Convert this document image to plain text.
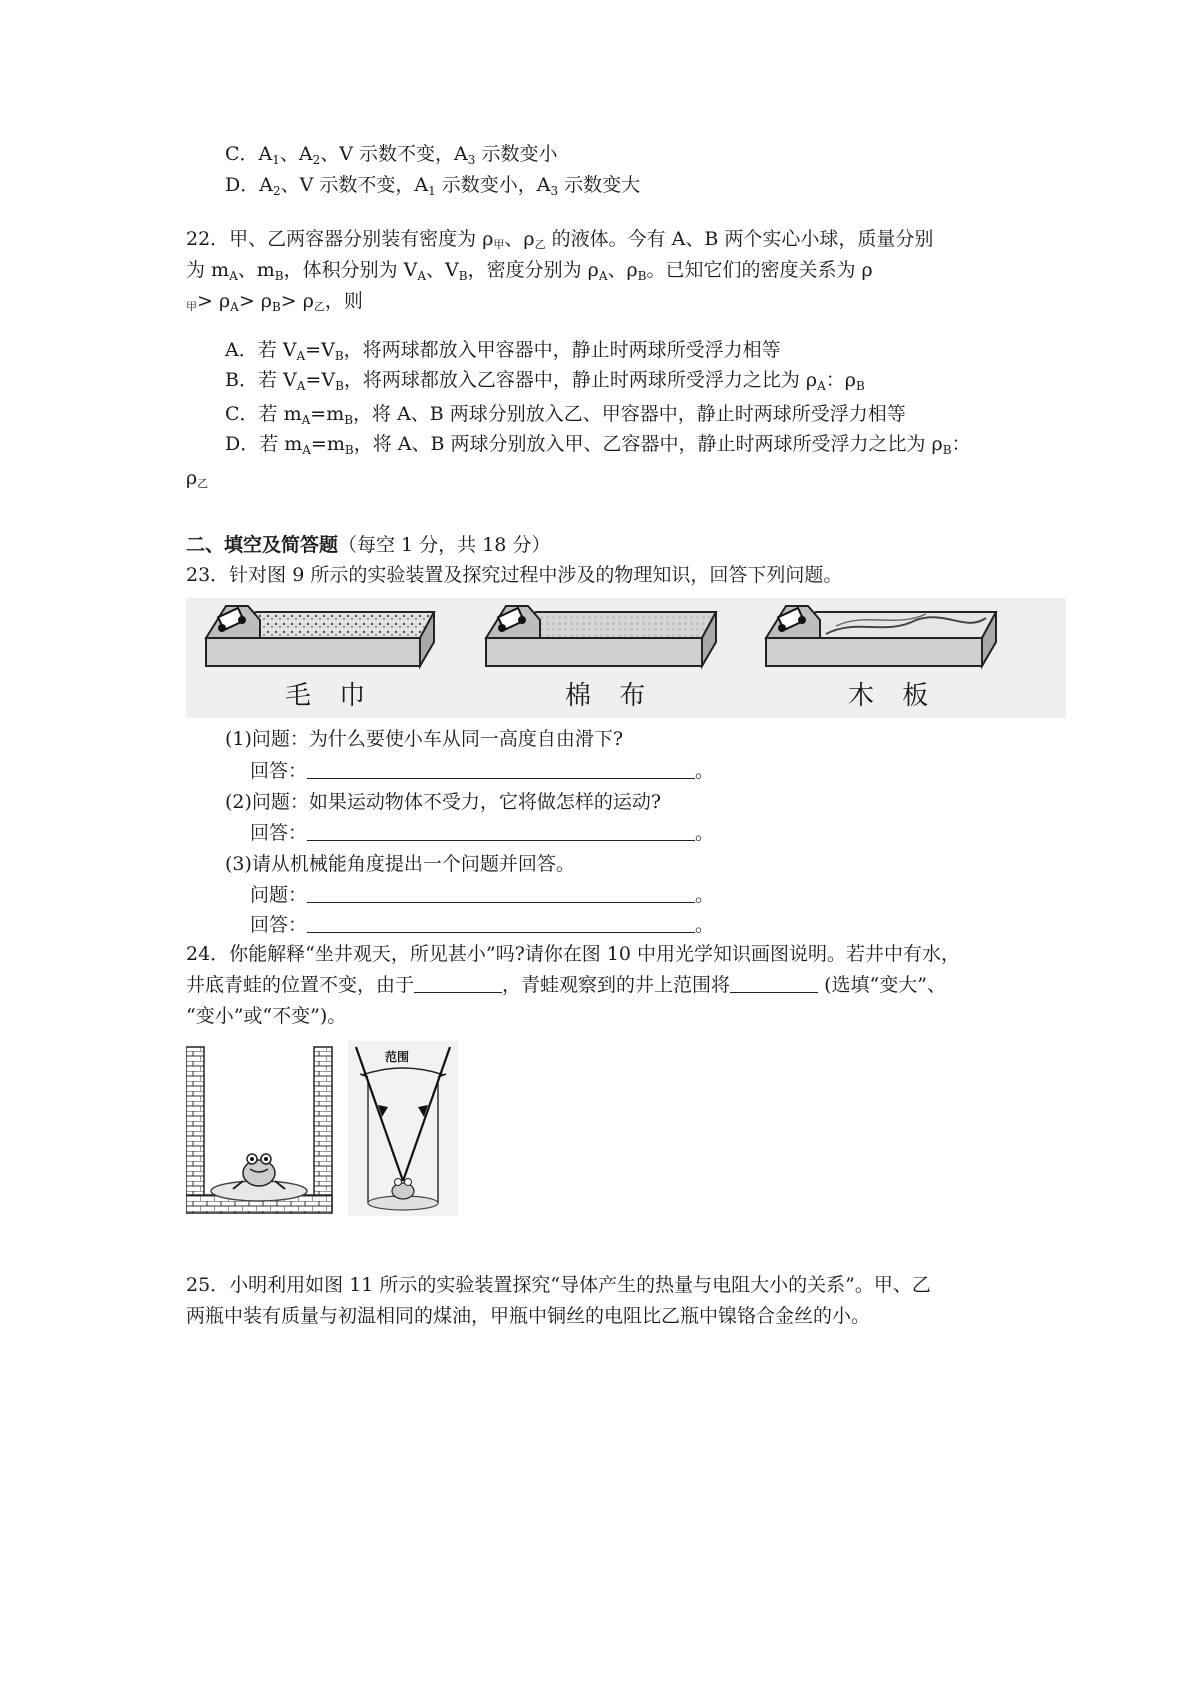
C．$A_1$、$A_2$、V 示数不变，$A_3$ 示数变小
D．$A_2$、V 示数不变，$A_1$ 示数变小，$A_3$ 示数变大
22．甲、乙两容器分别装有密度为 ρ甲、ρ乙 的液体。今有 A、B 两个实心小球，质量分别
为 $m_A$、$m_B$，体积分别为 $V_A$、$V_B$，密度分别为 $\rho_A$、$\rho_B$。已知它们的密度关系为 ρ
甲> $\rho_A> \rho_B> \rho$乙，则
A．若 $V_A=V_B$，将两球都放入甲容器中，静止时两球所受浮力相等
B．若 $V_A=V_B$，将两球都放入乙容器中，静止时两球所受浮力之比为 $\rho_A$：$\rho_B$
C．若 $m_A=m_B$，将 A、B 两球分别放入乙、甲容器中，静止时两球所受浮力相等
D．若 $m_A=m_B$，将 A、B 两球分别放入甲、乙容器中，静止时两球所受浮力之比为 $\rho_B$：
ρ乙
二、填空及简答题（每空 1 分，共 18 分）
23．针对图 9 所示的实验装置及探究过程中涉及的物理知识，回答下列问题。
毛 巾	棉 布	木 板
(1)问题：为什么要使小车从同一高度自由滑下?
回答：	。
(2)问题：如果运动物体不受力，它将做怎样的运动?
回答：	。
(3)请从机械能角度提出一个问题并回答。
问题：	。
回答：	。
24．你能解释“坐井观天，所见甚小”吗?请你在图 10 中用光学知识画图说明。若井中有水，
井底青蛙的位置不变，由于	，青蛙观察到的井上范围将	(选填“变大”、
“变小”或“不变”)。
范围
25．小明利用如图 11 所示的实验装置探究“导体产生的热量与电阻大小的关系”。甲、乙
两瓶中装有质量与初温相同的煤油，甲瓶中铜丝的电阻比乙瓶中镍铬合金丝的小。
